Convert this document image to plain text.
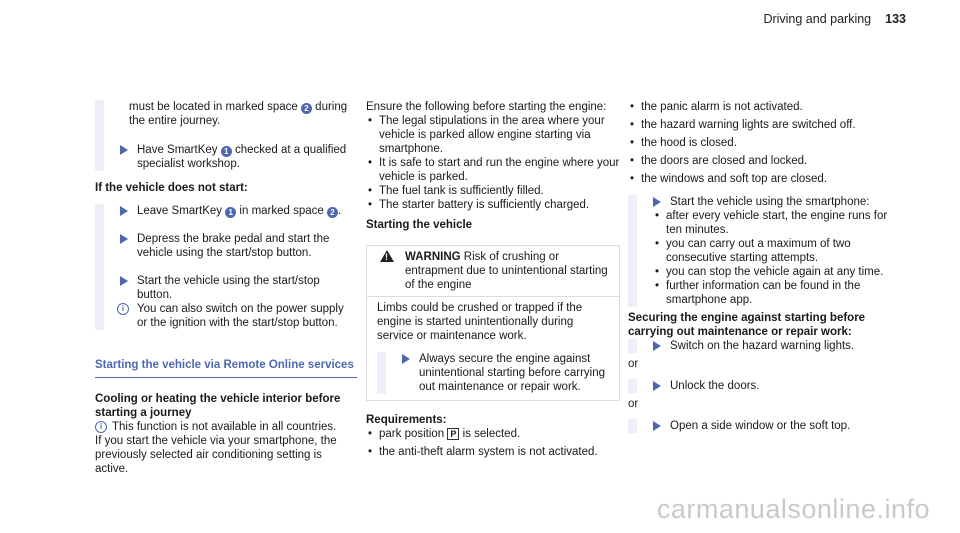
Driving and parking 133

must be located in marked space 2 during the entire journey.

Have SmartKey 1 checked at a qualified specialist workshop.

If the vehicle does not start:

Leave SmartKey 1 in marked space 2 .

Depress the brake pedal and start the vehicle using the start/stop button.

Start the vehicle using the start/stop button.

i	You can also switch on the power supply or the ignition with the start/stop button.

Starting the vehicle via Remote Online services

Cooling or heating the vehicle interior before starting a journey

i This function is not available in all countries.

If you start the vehicle via your smartphone, the previously selected air conditioning setting is active.

Ensure the following before starting the engine:

• The legal stipulations in the area where your vehicle is parked allow engine starting via smartphone.
• It is safe to start and run the engine where your vehicle is parked.
• The fuel tank is sufficiently filled.
• The starter battery is sufficiently charged.

Starting the vehicle

! WARNING Risk of crushing or entrapment due to unintentional starting of the engine

Limbs could be crushed or trapped if the engine is started unintentionally during service or maintenance work.

Always secure the engine against unintentional starting before carrying out maintenance or repair work.

Requirements:

• park position P is selected.
• the anti-theft alarm system is not activated.
• the panic alarm is not activated.
• the hazard warning lights are switched off.
• the hood is closed.
• the doors are closed and locked.
• the windows and soft top are closed.

Start the vehicle using the smartphone:

• after every vehicle start, the engine runs for ten minutes.
• you can carry out a maximum of two consecutive starting attempts.
• you can stop the vehicle again at any time.
• further information can be found in the smartphone app.

Securing the engine against starting before carrying out maintenance or repair work:

Switch on the hazard warning lights.

or

Unlock the doors.

or

Open a side window or the soft top.

carmanualsonline.info
